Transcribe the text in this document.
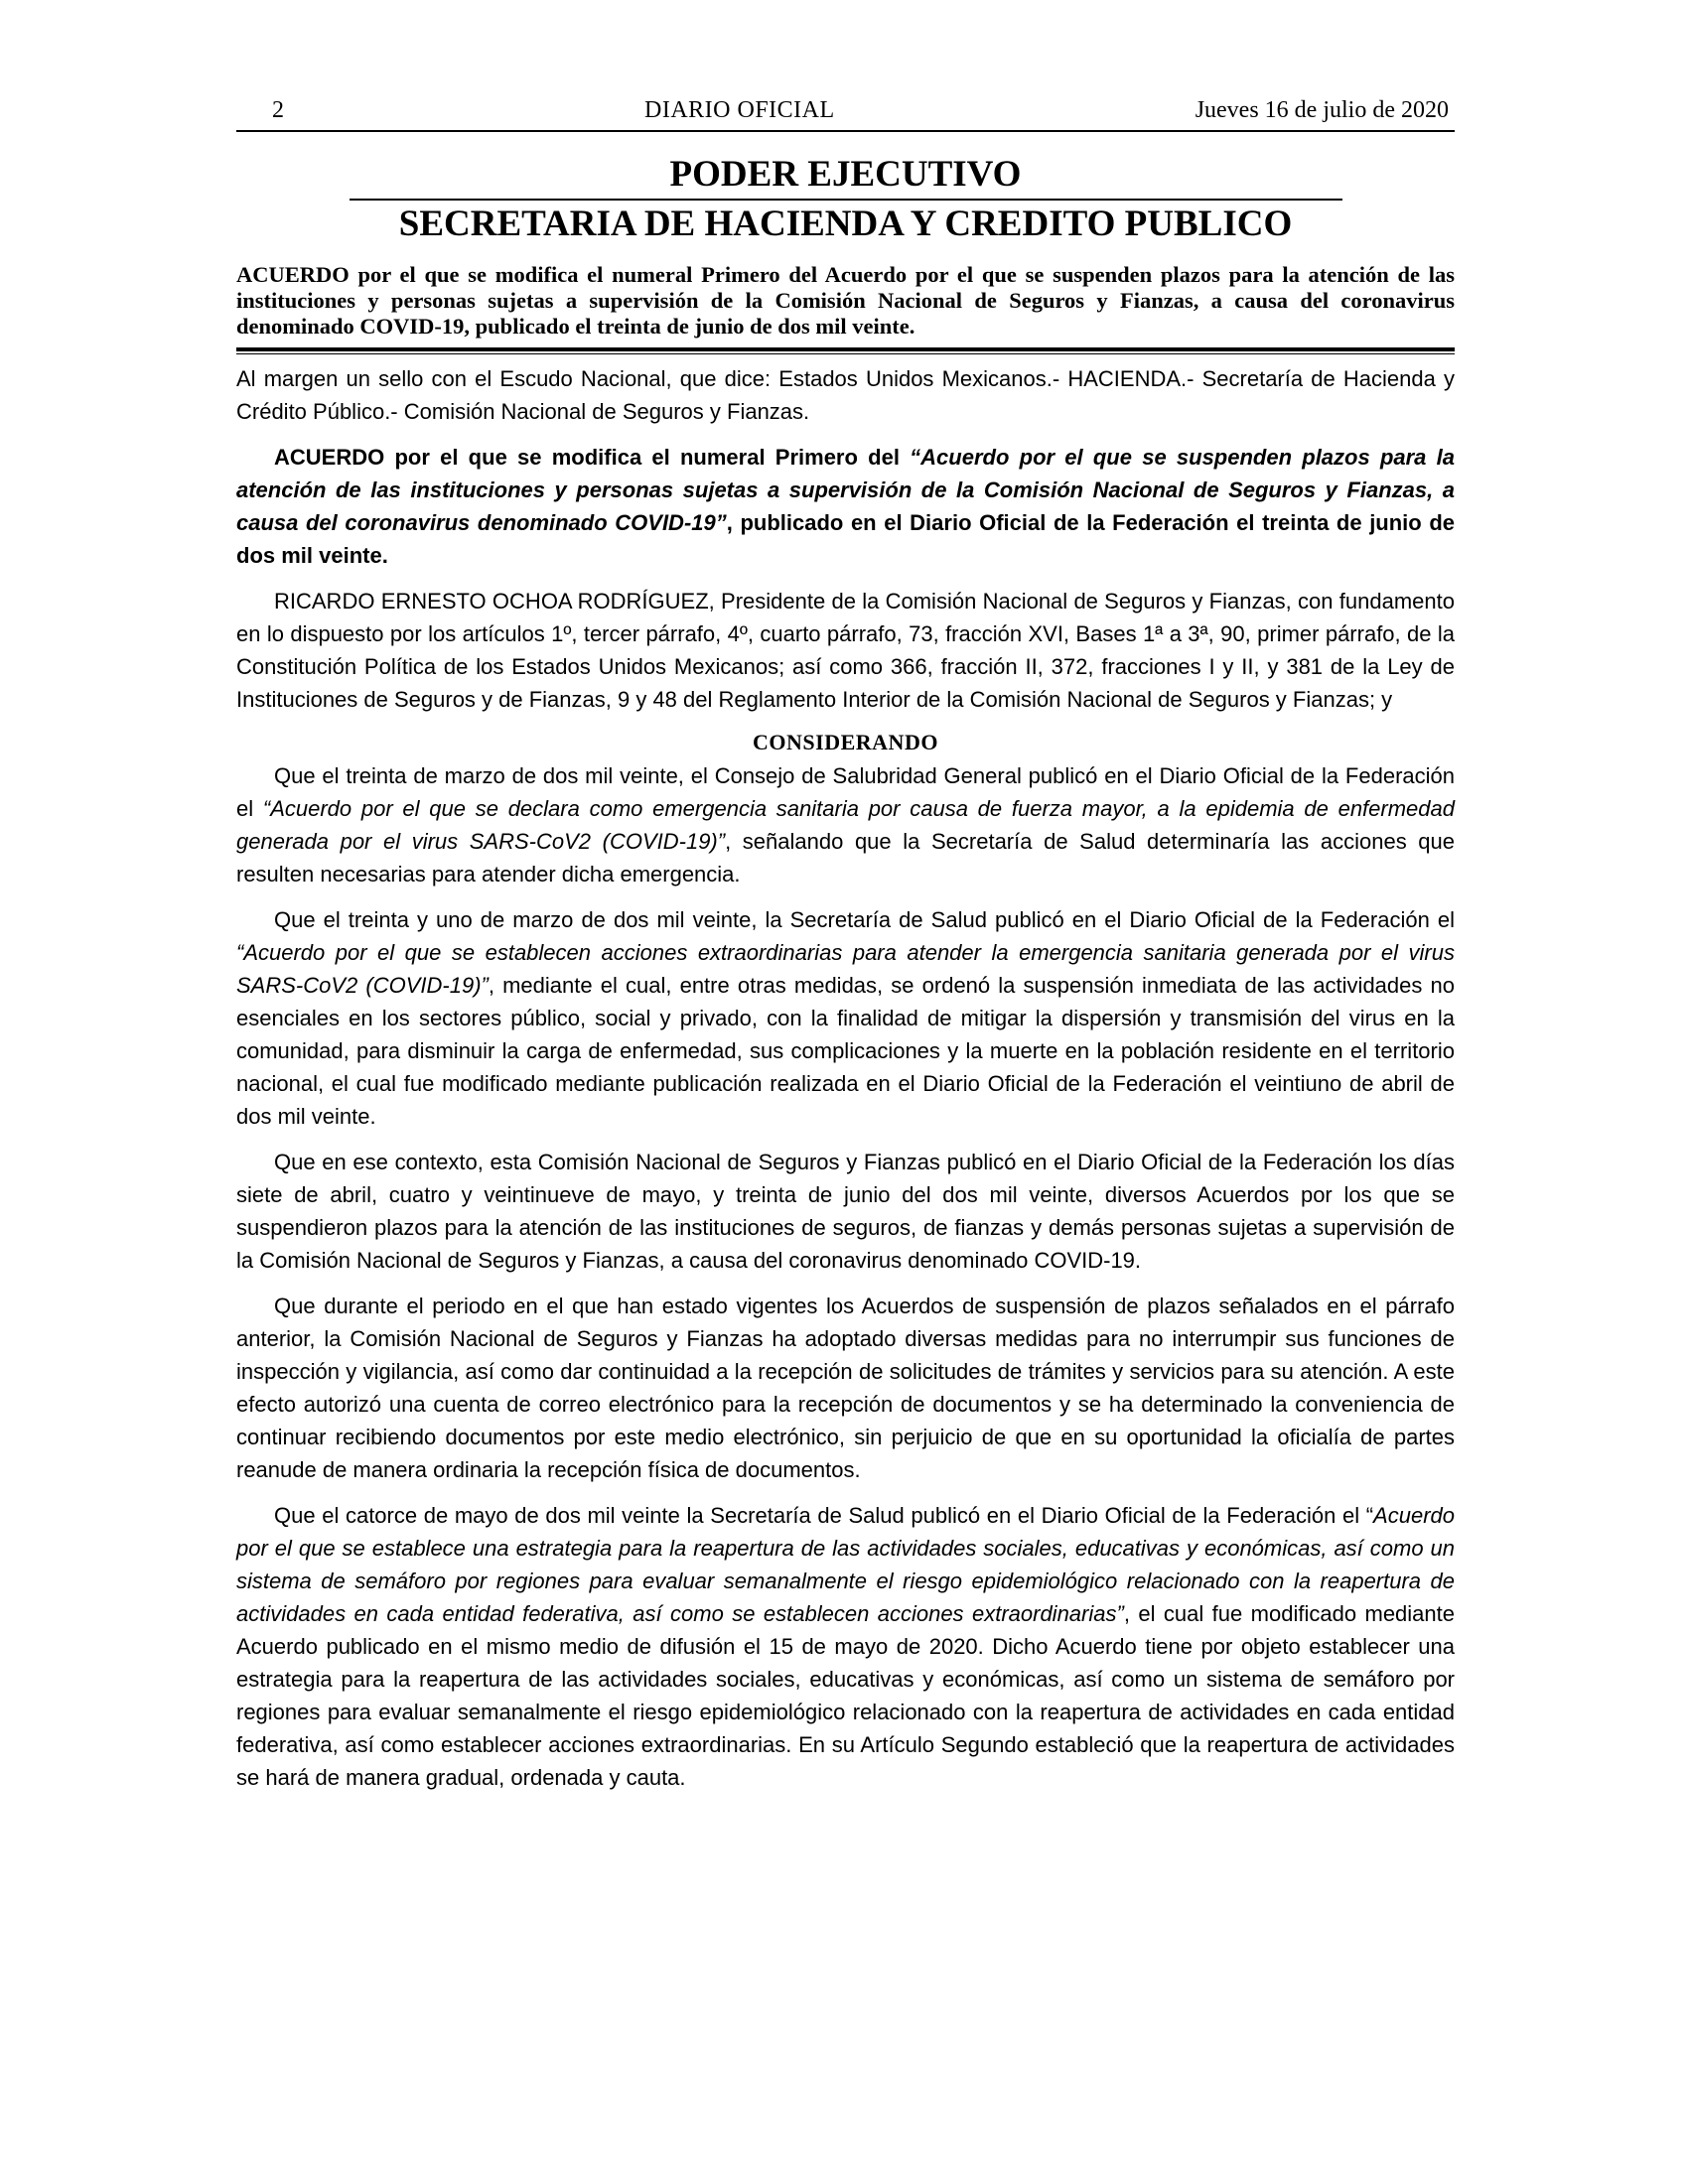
2	DIARIO OFICIAL	Jueves 16 de julio de 2020
PODER EJECUTIVO
SECRETARIA DE HACIENDA Y CREDITO PUBLICO

ACUERDO por el que se modifica el numeral Primero del Acuerdo por el que se suspenden plazos para la atención de las instituciones y personas sujetas a supervisión de la Comisión Nacional de Seguros y Fianzas, a causa del coronavirus denominado COVID-19, publicado el treinta de junio de dos mil veinte.

Al margen un sello con el Escudo Nacional, que dice: Estados Unidos Mexicanos.- HACIENDA.- Secretaría de Hacienda y Crédito Público.- Comisión Nacional de Seguros y Fianzas.

ACUERDO por el que se modifica el numeral Primero del “Acuerdo por el que se suspenden plazos para la atención de las instituciones y personas sujetas a supervisión de la Comisión Nacional de Seguros y Fianzas, a causa del coronavirus denominado COVID-19”, publicado en el Diario Oficial de la Federación el treinta de junio de dos mil veinte.

RICARDO ERNESTO OCHOA RODRÍGUEZ, Presidente de la Comisión Nacional de Seguros y Fianzas, con fundamento en lo dispuesto por los artículos 1º, tercer párrafo, 4º, cuarto párrafo, 73, fracción XVI, Bases 1ª a 3ª, 90, primer párrafo, de la Constitución Política de los Estados Unidos Mexicanos; así como 366, fracción II, 372, fracciones I y II, y 381 de la Ley de Instituciones de Seguros y de Fianzas, 9 y 48 del Reglamento Interior de la Comisión Nacional de Seguros y Fianzas; y

CONSIDERANDO

Que el treinta de marzo de dos mil veinte, el Consejo de Salubridad General publicó en el Diario Oficial de la Federación el “Acuerdo por el que se declara como emergencia sanitaria por causa de fuerza mayor, a la epidemia de enfermedad generada por el virus SARS-CoV2 (COVID-19)”, señalando que la Secretaría de Salud determinaría las acciones que resulten necesarias para atender dicha emergencia.

Que el treinta y uno de marzo de dos mil veinte, la Secretaría de Salud publicó en el Diario Oficial de la Federación el “Acuerdo por el que se establecen acciones extraordinarias para atender la emergencia sanitaria generada por el virus SARS-CoV2 (COVID-19)”, mediante el cual, entre otras medidas, se ordenó la suspensión inmediata de las actividades no esenciales en los sectores público, social y privado, con la finalidad de mitigar la dispersión y transmisión del virus en la comunidad, para disminuir la carga de enfermedad, sus complicaciones y la muerte en la población residente en el territorio nacional, el cual fue modificado mediante publicación realizada en el Diario Oficial de la Federación el veintiuno de abril de dos mil veinte.

Que en ese contexto, esta Comisión Nacional de Seguros y Fianzas publicó en el Diario Oficial de la Federación los días siete de abril, cuatro y veintinueve de mayo, y treinta de junio del dos mil veinte, diversos Acuerdos por los que se suspendieron plazos para la atención de las instituciones de seguros, de fianzas y demás personas sujetas a supervisión de la Comisión Nacional de Seguros y Fianzas, a causa del coronavirus denominado COVID-19.

Que durante el periodo en el que han estado vigentes los Acuerdos de suspensión de plazos señalados en el párrafo anterior, la Comisión Nacional de Seguros y Fianzas ha adoptado diversas medidas para no interrumpir sus funciones de inspección y vigilancia, así como dar continuidad a la recepción de solicitudes de trámites y servicios para su atención. A este efecto autorizó una cuenta de correo electrónico para la recepción de documentos y se ha determinado la conveniencia de continuar recibiendo documentos por este medio electrónico, sin perjuicio de que en su oportunidad la oficialía de partes reanude de manera ordinaria la recepción física de documentos.

Que el catorce de mayo de dos mil veinte la Secretaría de Salud publicó en el Diario Oficial de la Federación el “Acuerdo por el que se establece una estrategia para la reapertura de las actividades sociales, educativas y económicas, así como un sistema de semáforo por regiones para evaluar semanalmente el riesgo epidemiológico relacionado con la reapertura de actividades en cada entidad federativa, así como se establecen acciones extraordinarias”, el cual fue modificado mediante Acuerdo publicado en el mismo medio de difusión el 15 de mayo de 2020. Dicho Acuerdo tiene por objeto establecer una estrategia para la reapertura de las actividades sociales, educativas y económicas, así como un sistema de semáforo por regiones para evaluar semanalmente el riesgo epidemiológico relacionado con la reapertura de actividades en cada entidad federativa, así como establecer acciones extraordinarias. En su Artículo Segundo estableció que la reapertura de actividades se hará de manera gradual, ordenada y cauta.
